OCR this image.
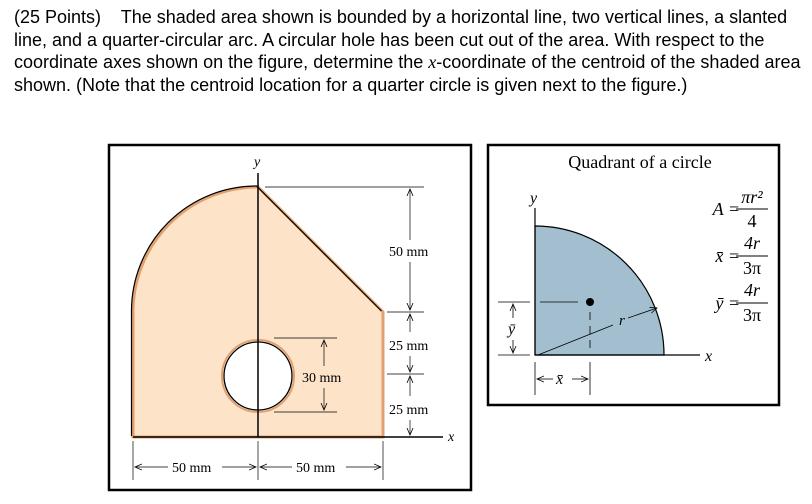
(25 Points) The shaded area shown is bounded by a horizontal line, two vertical lines, a slanted line, and a quarter-circular arc. A circular hole has been cut out of the area. With respect to the coordinate axes shown on the figure, determine the x-coordinate of the centroid of the shaded area shown. (Note that the centroid location for a quarter circle is given next to the figure.)
y
x
50 mm
25 mm
25 mm
30 mm
50 mm	50 mm
Quadrant of a circle
y
x
r
ȳ
x̄
A =
πr²
4
x̄ =
4r
3π
ȳ =
4r
3π
